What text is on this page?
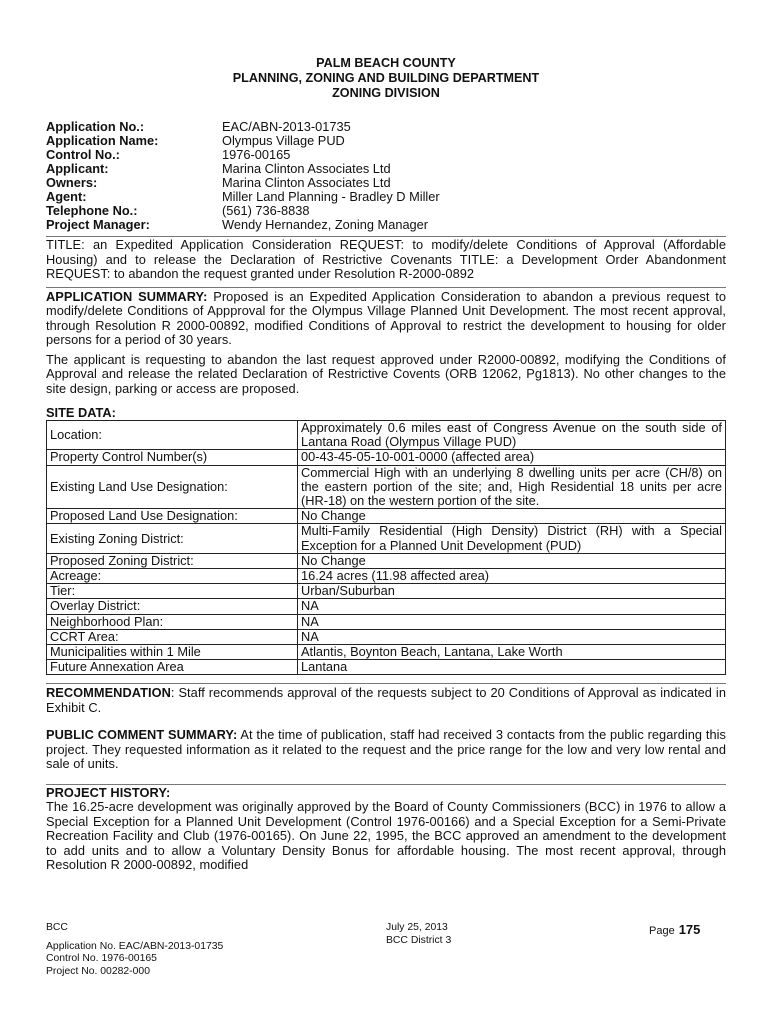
PALM BEACH COUNTY
PLANNING, ZONING AND BUILDING DEPARTMENT
ZONING DIVISION
Application No.:	EAC/ABN-2013-01735
Application Name:	Olympus Village PUD
Control No.:	1976-00165
Applicant:	Marina Clinton Associates Ltd
Owners:	Marina Clinton Associates Ltd
Agent:	Miller Land Planning - Bradley D Miller
Telephone No.:	(561) 736-8838
Project Manager:	Wendy Hernandez, Zoning Manager
TITLE: an Expedited Application Consideration REQUEST: to modify/delete Conditions of Approval (Affordable Housing) and to release the Declaration of Restrictive Covenants TITLE: a Development Order Abandonment REQUEST: to abandon the request granted under Resolution R-2000-0892
APPLICATION SUMMARY: Proposed is an Expedited Application Consideration to abandon a previous request to modify/delete Conditions of Appproval for the Olympus Village Planned Unit Development. The most recent approval, through Resolution R 2000-00892, modified Conditions of Approval to restrict the development to housing for older persons for a period of 30 years.
The applicant is requesting to abandon the last request approved under R2000-00892, modifying the Conditions of Approval and release the related Declaration of Restrictive Covents (ORB 12062, Pg1813). No other changes to the site design, parking or access are proposed.
SITE DATA:
Location:	Approximately 0.6 miles east of Congress Avenue on the south side of Lantana Road (Olympus Village PUD)
Property Control Number(s)	00-43-45-05-10-001-0000 (affected area)
Existing Land Use Designation:	Commercial High with an underlying 8 dwelling units per acre (CH/8) on the eastern portion of the site; and, High Residential 18 units per acre (HR-18) on the western portion of the site.
Proposed Land Use Designation:	No Change
Existing Zoning District:	Multi-Family Residential (High Density) District (RH) with a Special Exception for a Planned Unit Development (PUD)
Proposed Zoning District:	No Change
Acreage:	16.24 acres (11.98 affected area)
Tier:	Urban/Suburban
Overlay District:	NA
Neighborhood Plan:	NA
CCRT Area:	NA
Municipalities within 1 Mile	Atlantis, Boynton Beach, Lantana, Lake Worth
Future Annexation Area	Lantana
RECOMMENDATION: Staff recommends approval of the requests subject to 20 Conditions of Approval as indicated in Exhibit C.
PUBLIC COMMENT SUMMARY: At the time of publication, staff had received 3 contacts from the public regarding this project. They requested information as it related to the request and the price range for the low and very low rental and sale of units.
PROJECT HISTORY:
The 16.25-acre development was originally approved by the Board of County Commissioners (BCC) in 1976 to allow a Special Exception for a Planned Unit Development (Control 1976-00166) and a Special Exception for a Semi-Private Recreation Facility and Club (1976-00165). On June 22, 1995, the BCC approved an amendment to the development to add units and to allow a Voluntary Density Bonus for affordable housing. The most recent approval, through Resolution R 2000-00892, modified
BCC
Application No. EAC/ABN-2013-01735
Control No. 1976-00165
Project No. 00282-000
July 25, 2013
BCC District 3
Page 175
